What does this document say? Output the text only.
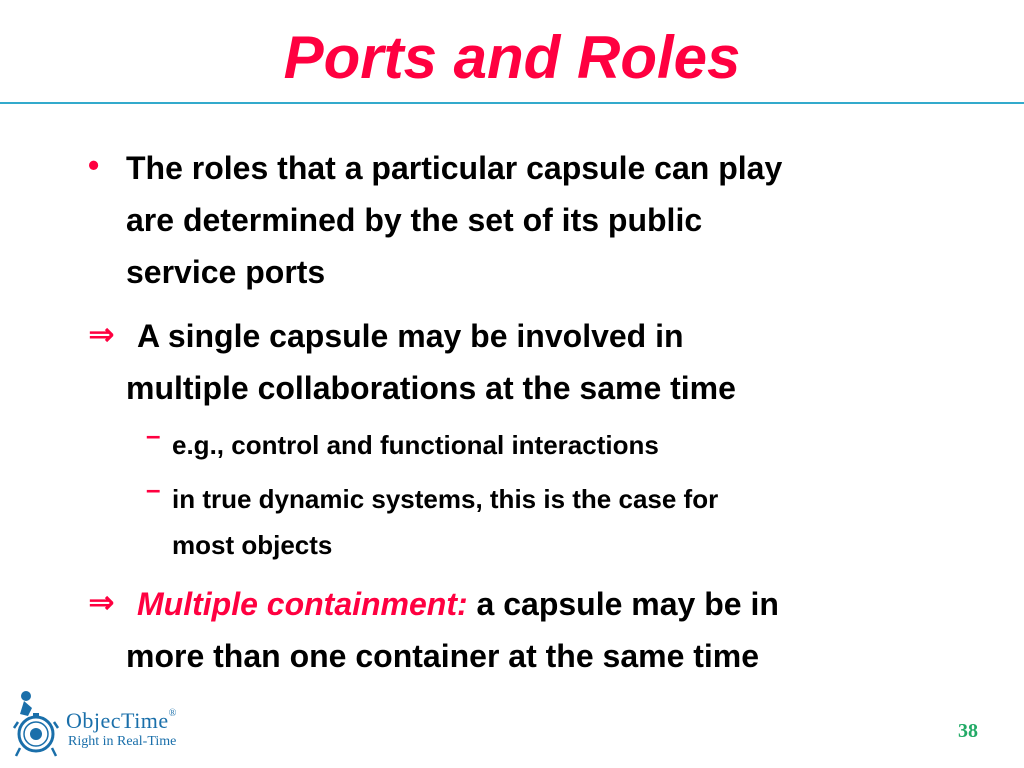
Ports and Roles
• The roles that a particular capsule can play
are determined by the set of its public
service ports
⇒ A single capsule may be involved in
multiple collaborations at the same time
– e.g., control and functional interactions
– in true dynamic systems, this is the case for
most objects
⇒ Multiple containment: a capsule may be in
more than one container at the same time
ObjecTime®
Right in Real-Time	38
